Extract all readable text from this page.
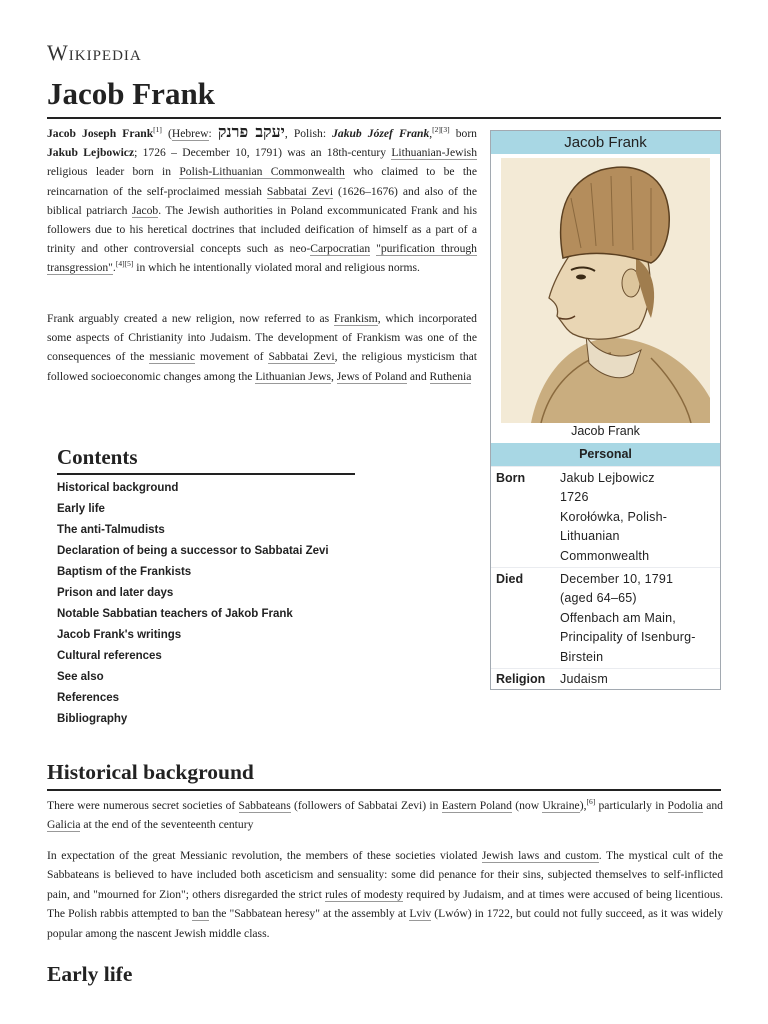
Wikipedia
Jacob Frank

Jacob Joseph Frank[1] (Hebrew: יעקב פרנק, Polish: Jakub Józef Frank,[2][3] born Jakub Lejbowicz; 1726 – December 10, 1791) was an 18th-century Lithuanian-Jewish religious leader born in Polish-Lithuanian Commonwealth who claimed to be the reincarnation of the self-proclaimed messiah Sabbatai Zevi (1626–1676) and also of the biblical patriarch Jacob. The Jewish authorities in Poland excommunicated Frank and his followers due to his heretical doctrines that included deification of himself as a part of a trinity and other controversial concepts such as neo-Carpocratian "purification through transgression".[4][5] in which he intentionally violated moral and religious norms.

Frank arguably created a new religion, now referred to as Frankism, which incorporated some aspects of Christianity into Judaism. The development of Frankism was one of the consequences of the messianic movement of Sabbatai Zevi, the religious mysticism that followed socioeconomic changes among the Lithuanian Jews, Jews of Poland and Ruthenia

Jacob Frank
Jacob Frank
Personal
Born	Jakub Lejbowicz
1726
Korołówka, Polish-
Lithuanian
Commonwealth
Died	December 10, 1791
(aged 64–65)
Offenbach am Main,
Principality of Isenburg-
Birstein
Religion Judaism
Contents
Historical background
Early life
The anti-Talmudists
Declaration of being a successor to Sabbatai Zevi
Baptism of the Frankists
Prison and later days
Notable Sabbatian teachers of Jakob Frank
Jacob Frank's writings
Cultural references
See also
References
Bibliography
Historical background

There were numerous secret societies of Sabbateans (followers of Sabbatai Zevi) in Eastern Poland (now Ukraine),[6] particularly in Podolia and Galicia at the end of the seventeenth century

In expectation of the great Messianic revolution, the members of these societies violated Jewish laws and custom. The mystical cult of the Sabbateans is believed to have included both asceticism and sensuality: some did penance for their sins, subjected themselves to self-inflicted pain, and "mourned for Zion"; others disregarded the strict rules of modesty required by Judaism, and at times were accused of being licentious. The Polish rabbis attempted to ban the "Sabbatean heresy" at the assembly at Lviv (Lwów) in 1722, but could not fully succeed, as it was widely popular among the nascent Jewish middle class.

Early life
